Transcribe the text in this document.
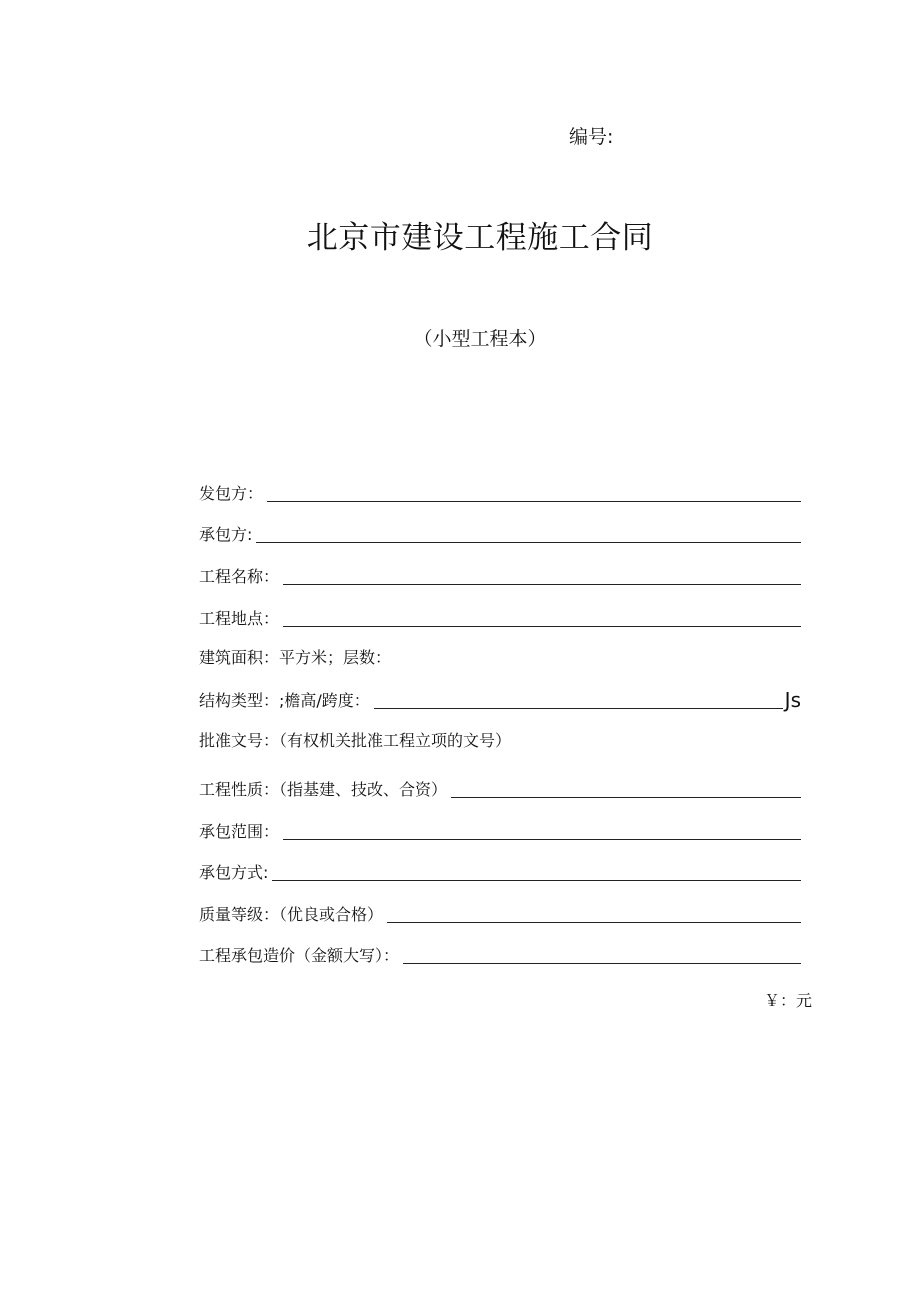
编号:
北京市建设工程施工合同
（小型工程本）
发包方：
承包方:
工程名称：
工程地点：
建筑面积：平方米；层数：
结构类型：;檐高/跨度：	Js
批准文号：（有权机关批准工程立项的文号）
工程性质：（指基建、技改、合资）
承包范围：
承包方式:
质量等级：（优良或合格）
工程承包造价（金额大写）：
￥：元
